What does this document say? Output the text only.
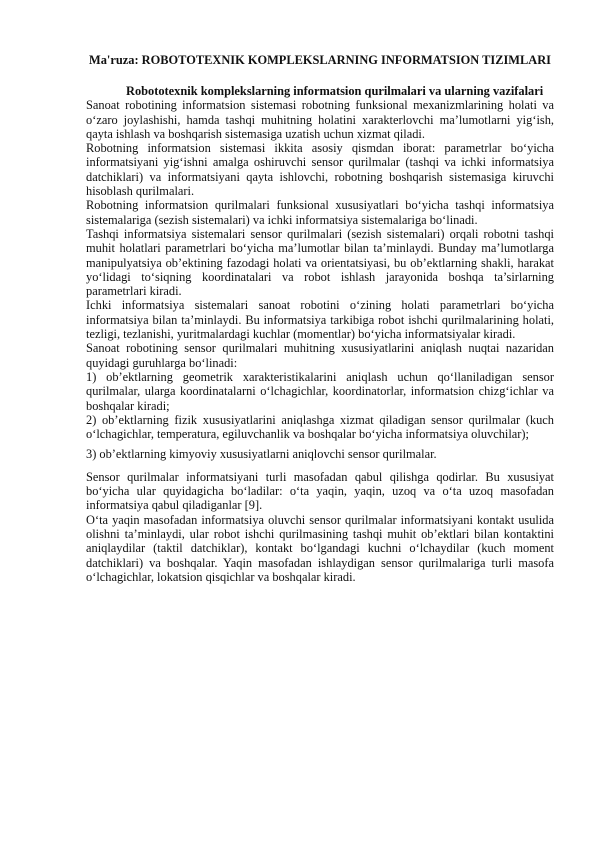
Ma'ruza: ROBOTOTEXNIK KOMPLEKSLARNING INFORMATSION TIZIMLARI

Robototexnik komplekslarning informatsion qurilmalari va ularning vazifalari

Sanoat robotining informatsion sistemasi robotning funksional mexanizmlarining holati va o‘zaro joylashishi, hamda tashqi muhitning holatini xarakterlovchi ma’lumotlarni yig‘ish, qayta ishlash va boshqarish sistemasiga uzatish uchun xizmat qiladi.

Robotning informatsion sistemasi ikkita asosiy qismdan iborat: parametrlar bo‘yicha informatsiyani yig‘ishni amalga oshiruvchi sensor qurilmalar (tashqi va ichki informatsiya datchiklari) va informatsiyani qayta ishlovchi, robotning boshqarish sistemasiga kiruvchi hisoblash qurilmalari.

Robotning informatsion qurilmalari funksional xususiyatlari bo‘yicha tashqi informatsiya sistemalariga (sezish sistemalari) va ichki informatsiya sistemalariga bo‘linadi.

Tashqi informatsiya sistemalari sensor qurilmalari (sezish sistemalari) orqali robotni tashqi muhit holatlari parametrlari bo‘yicha ma’lumotlar bilan ta’minlaydi. Bunday ma’lumotlarga manipulyatsiya ob’ektining fazodagi holati va orientatsiyasi, bu ob’ektlarning shakli, harakat yo‘lidagi to‘siqning koordinatalari va robot ishlash jarayonida boshqa ta’sirlarning parametrlari kiradi.

Ichki informatsiya sistemalari sanoat robotini o‘zining holati parametrlari bo‘yicha informatsiya bilan ta’minlaydi. Bu informatsiya tarkibiga robot ishchi qurilmalarining holati, tezligi, tezlanishi, yuritmalardagi kuchlar (momentlar) bo‘yicha informatsiyalar kiradi.

Sanoat robotining sensor qurilmalari muhitning xususiyatlarini aniqlash nuqtai nazaridan quyidagi guruhlarga bo‘linadi:

1) ob’ektlarning geometrik xarakteristikalarini aniqlash uchun qo‘llaniladigan sensor qurilmalar, ularga koordinatalarni o‘lchagichlar, koordinatorlar, informatsion chizg‘ichlar va boshqalar kiradi;

2) ob’ektlarning fizik xususiyatlarini aniqlashga xizmat qiladigan sensor qurilmalar (kuch o‘lchagichlar, temperatura, egiluvchanlik va boshqalar bo‘yicha informatsiya oluvchilar);

3) ob’ektlarning kimyoviy xususiyatlarni aniqlovchi sensor qurilmalar.

Sensor qurilmalar informatsiyani turli masofadan qabul qilishga qodirlar. Bu xususiyat bo‘yicha ular quyidagicha bo‘ladilar: o‘ta yaqin, yaqin, uzoq va o‘ta uzoq masofadan informatsiya qabul qiladiganlar [9].

O‘ta yaqin masofadan informatsiya oluvchi sensor qurilmalar informatsiyani kontakt usulida olishni ta’minlaydi, ular robot ishchi qurilmasining tashqi muhit ob’ektlari bilan kontaktini aniqlaydilar (taktil datchiklar), kontakt bo‘lgandagi kuchni o‘lchaydilar (kuch moment datchiklari) va boshqalar. Yaqin masofadan ishlaydigan sensor qurilmalariga turli masofa o‘lchagichlar, lokatsion qisqichlar va boshqalar kiradi.
